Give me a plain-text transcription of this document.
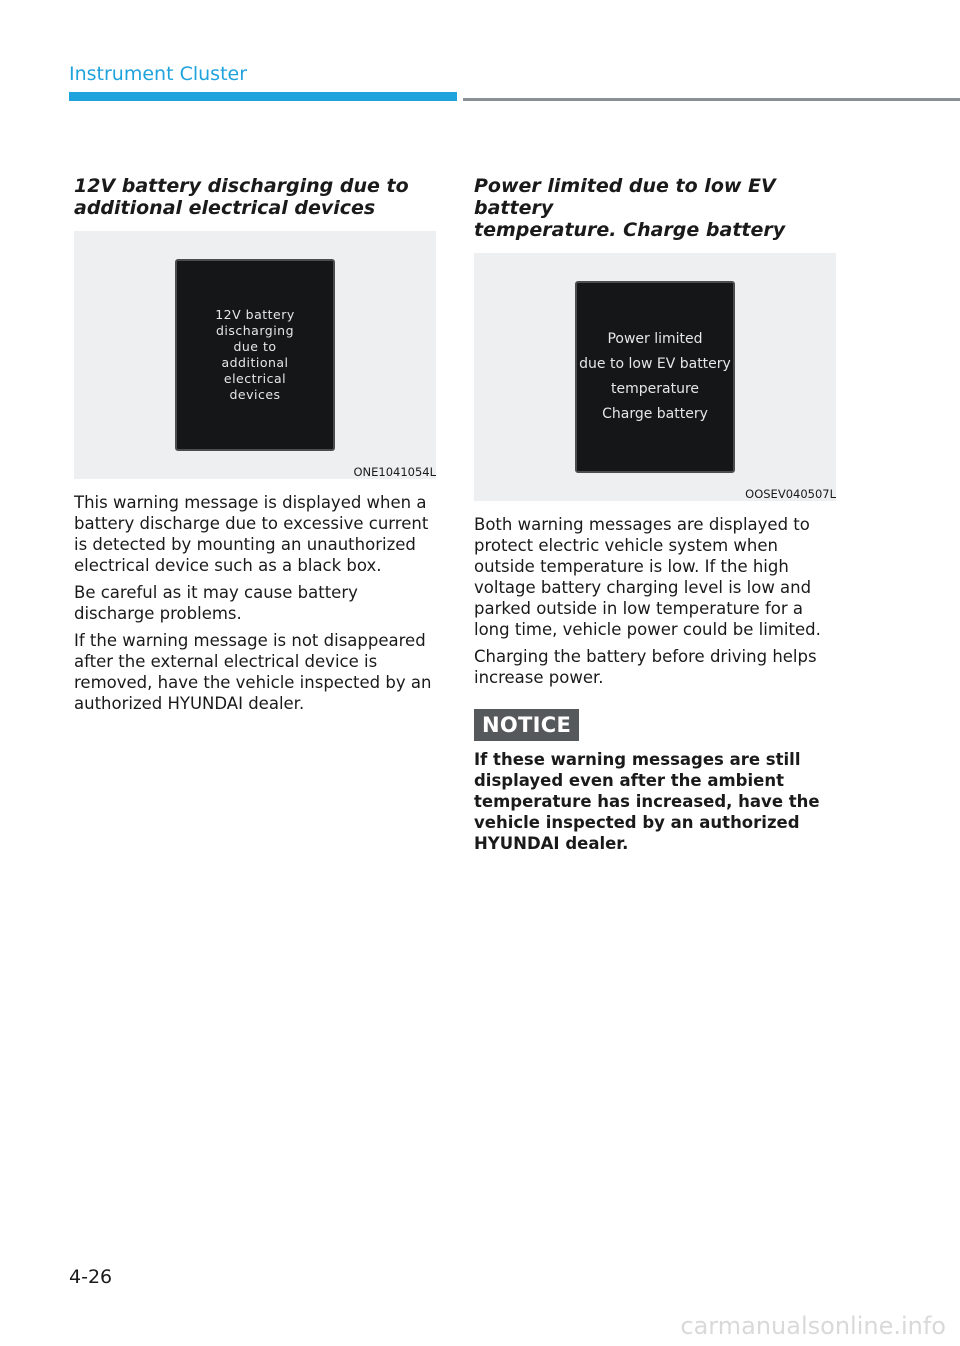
Instrument Cluster
12V battery discharging due to
additional electrical devices
12V battery
discharging
due to
additional
electrical
devices
ONE1041054L

This warning message is displayed when a battery discharge due to excessive current is detected by mounting an unauthorized electrical device such as a black box.

Be careful as it may cause battery discharge problems.

If the warning message is not disappeared after the external electrical device is removed, have the vehicle inspected by an authorized HYUNDAI dealer.

Power limited due to low EV battery
temperature. Charge battery
Power limited
due to low EV battery
temperature
Charge battery
OOSEV040507L

Both warning messages are displayed to protect electric vehicle system when outside temperature is low. If the high voltage battery charging level is low and parked outside in low temperature for a long time, vehicle power could be limited.

Charging the battery before driving helps increase power.

NOTICE

If these warning messages are still displayed even after the ambient temperature has increased, have the vehicle inspected by an authorized HYUNDAI dealer.

4-26
carmanualsonline.info
